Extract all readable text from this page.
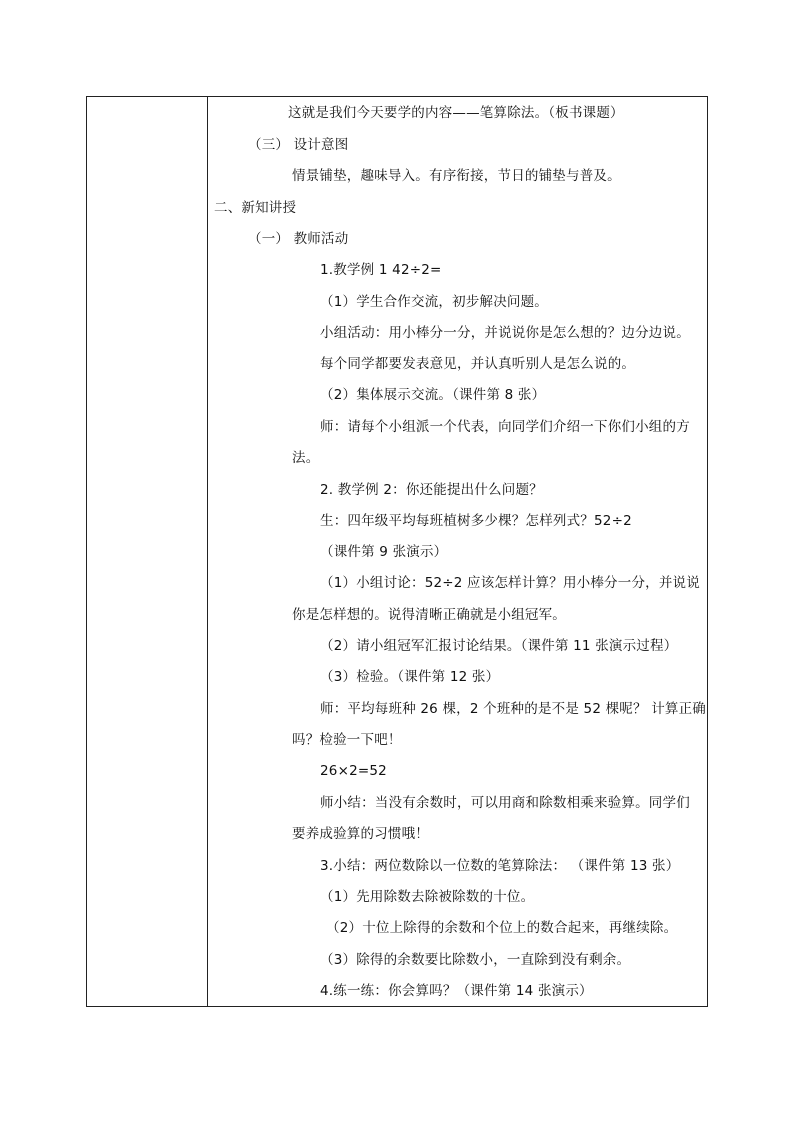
这就是我们今天要学的内容——笔算除法。（板书课题）
（三） 设计意图
情景铺垫，趣味导入。有序衔接，节日的铺垫与普及。
二、新知讲授
（一） 教师活动
1.教学例 1 42÷2=
（1）学生合作交流，初步解决问题。
小组活动：用小棒分一分，并说说你是怎么想的？边分边说。
每个同学都要发表意见，并认真听别人是怎么说的。
（2）集体展示交流。（课件第 8 张）
师：请每个小组派一个代表，向同学们介绍一下你们小组的方
法。
2. 教学例 2：你还能提出什么问题？
生：四年级平均每班植树多少棵？怎样列式？52÷2
（课件第 9 张演示）
（1）小组讨论：52÷2 应该怎样计算？用小棒分一分，并说说
你是怎样想的。说得清晰正确就是小组冠军。
（2）请小组冠军汇报讨论结果。（课件第 11 张演示过程）
（3）检验。（课件第 12 张）
师：平均每班种 26 棵，2 个班种的是不是 52 棵呢？ 计算正确
吗？检验一下吧！
26×2=52
师小结：当没有余数时，可以用商和除数相乘来验算。同学们
要养成验算的习惯哦！
3.小结：两位数除以一位数的笔算除法： （课件第 13 张）
（1）先用除数去除被除数的十位。
（2）十位上除得的余数和个位上的数合起来，再继续除。
（3）除得的余数要比除数小，一直除到没有剩余。
4.练一练：你会算吗？（课件第 14 张演示）
